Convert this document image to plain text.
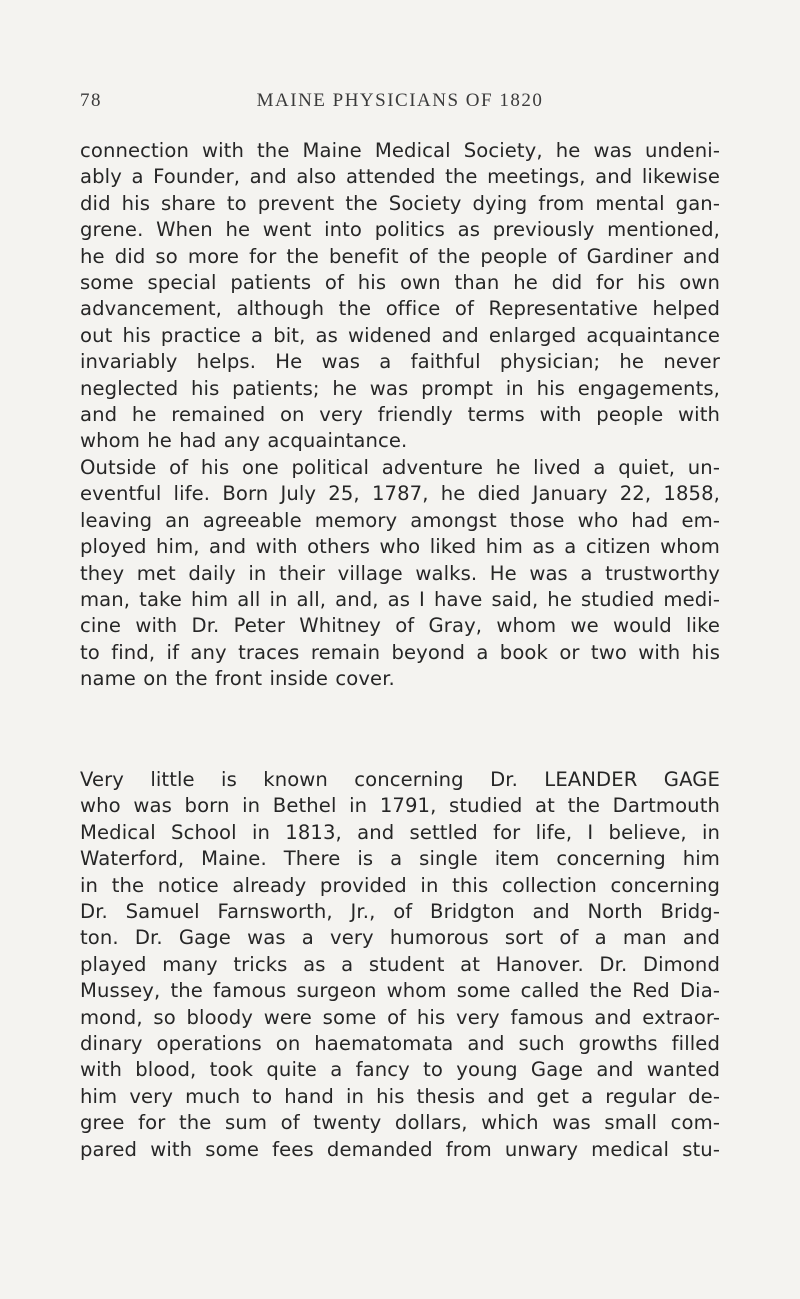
78	MAINE PHYSICIANS OF 1820
connection with the Maine Medical Society, he was undeni-
ably a Founder, and also attended the meetings, and likewise
did his share to prevent the Society dying from mental gan-
grene. When he went into politics as previously mentioned,
he did so more for the benefit of the people of Gardiner and
some special patients of his own than he did for his own
advancement, although the office of Representative helped
out his practice a bit, as widened and enlarged acquaintance
invariably helps. He was a faithful physician; he never
neglected his patients; he was prompt in his engagements,
and he remained on very friendly terms with people with
whom he had any acquaintance.
Outside of his one political adventure he lived a quiet, un-
eventful life. Born July 25, 1787, he died January 22, 1858,
leaving an agreeable memory amongst those who had em-
ployed him, and with others who liked him as a citizen whom
they met daily in their village walks. He was a trustworthy
man, take him all in all, and, as I have said, he studied medi-
cine with Dr. Peter Whitney of Gray, whom we would like
to find, if any traces remain beyond a book or two with his
name on the front inside cover.
Very little is known concerning Dr. LEANDER GAGE
who was born in Bethel in 1791, studied at the Dartmouth
Medical School in 1813, and settled for life, I believe, in
Waterford, Maine. There is a single item concerning him
in the notice already provided in this collection concerning
Dr. Samuel Farnsworth, Jr., of Bridgton and North Bridg-
ton. Dr. Gage was a very humorous sort of a man and
played many tricks as a student at Hanover. Dr. Dimond
Mussey, the famous surgeon whom some called the Red Dia-
mond, so bloody were some of his very famous and extraor-
dinary operations on haematomata and such growths filled
with blood, took quite a fancy to young Gage and wanted
him very much to hand in his thesis and get a regular de-
gree for the sum of twenty dollars, which was small com-
pared with some fees demanded from unwary medical stu-
